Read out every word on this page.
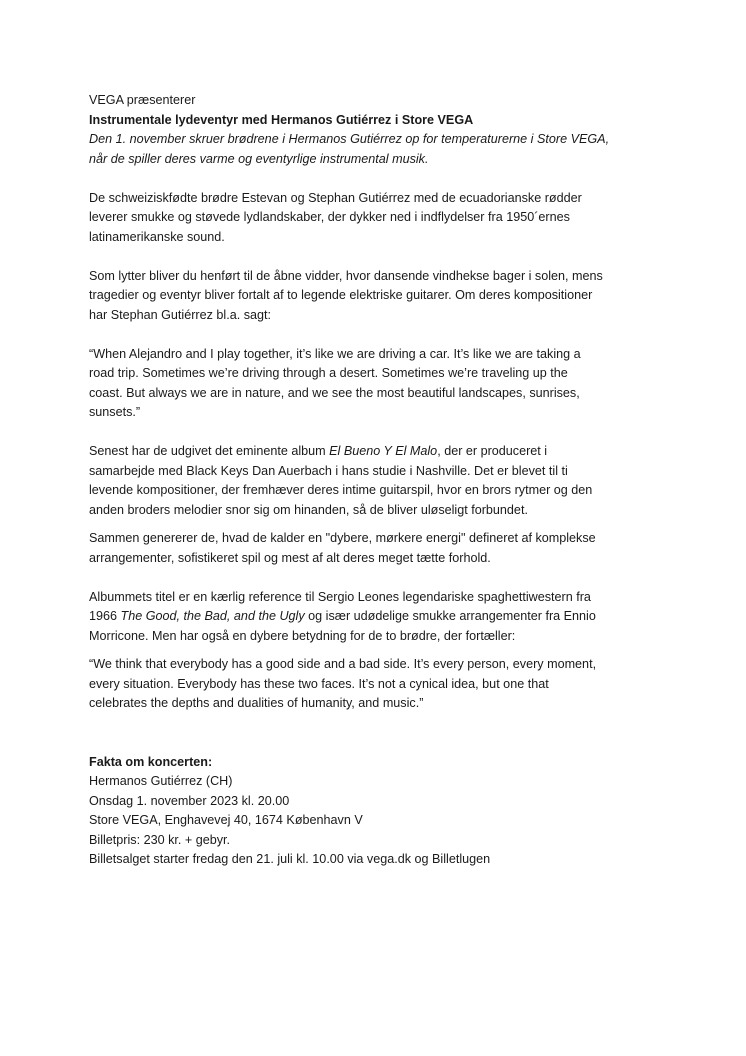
VEGA præsenterer
Instrumentale lydeventyr med Hermanos Gutiérrez i Store VEGA
Den 1. november skruer brødrene i Hermanos Gutiérrez op for temperaturerne i Store VEGA,
når de spiller deres varme og eventyrlige instrumental musik.
De schweiziskfødte brødre Estevan og Stephan Gutiérrez med de ecuadorianske rødder
leverer smukke og støvede lydlandskaber, der dykker ned i indflydelser fra 1950´ernes
latinamerikanske sound.
Som lytter bliver du henført til de åbne vidder, hvor dansende vindhekse bager i solen, mens
tragedier og eventyr bliver fortalt af to legende elektriske guitarer. Om deres kompositioner
har Stephan Gutiérrez bl.a. sagt:
“When Alejandro and I play together, it’s like we are driving a car. It’s like we are taking a
road trip. Sometimes we’re driving through a desert. Sometimes we’re traveling up the
coast. But always we are in nature, and we see the most beautiful landscapes, sunrises,
sunsets.”
Senest har de udgivet det eminente album El Bueno Y El Malo, der er produceret i
samarbejde med Black Keys Dan Auerbach i hans studie i Nashville. Det er blevet til ti
levende kompositioner, der fremhæver deres intime guitarspil, hvor en brors rytmer og den
anden broders melodier snor sig om hinanden, så de bliver uløseligt forbundet.
Sammen genererer de, hvad de kalder en "dybere, mørkere energi" defineret af komplekse
arrangementer, sofistikeret spil og mest af alt deres meget tætte forhold.
Albummets titel er en kærlig reference til Sergio Leones legendariske spaghettiwestern fra
1966 The Good, the Bad, and the Ugly og især udødelige smukke arrangementer fra Ennio
Morricone. Men har også en dybere betydning for de to brødre, der fortæller:
“We think that everybody has a good side and a bad side. It’s every person, every moment,
every situation. Everybody has these two faces. It’s not a cynical idea, but one that
celebrates the depths and dualities of humanity, and music.”
Fakta om koncerten:
Hermanos Gutiérrez (CH)
Onsdag 1. november 2023 kl. 20.00
Store VEGA, Enghavevej 40, 1674 København V
Billetpris: 230 kr. + gebyr.
Billetsalget starter fredag den 21. juli kl. 10.00 via vega.dk og Billetlugen
